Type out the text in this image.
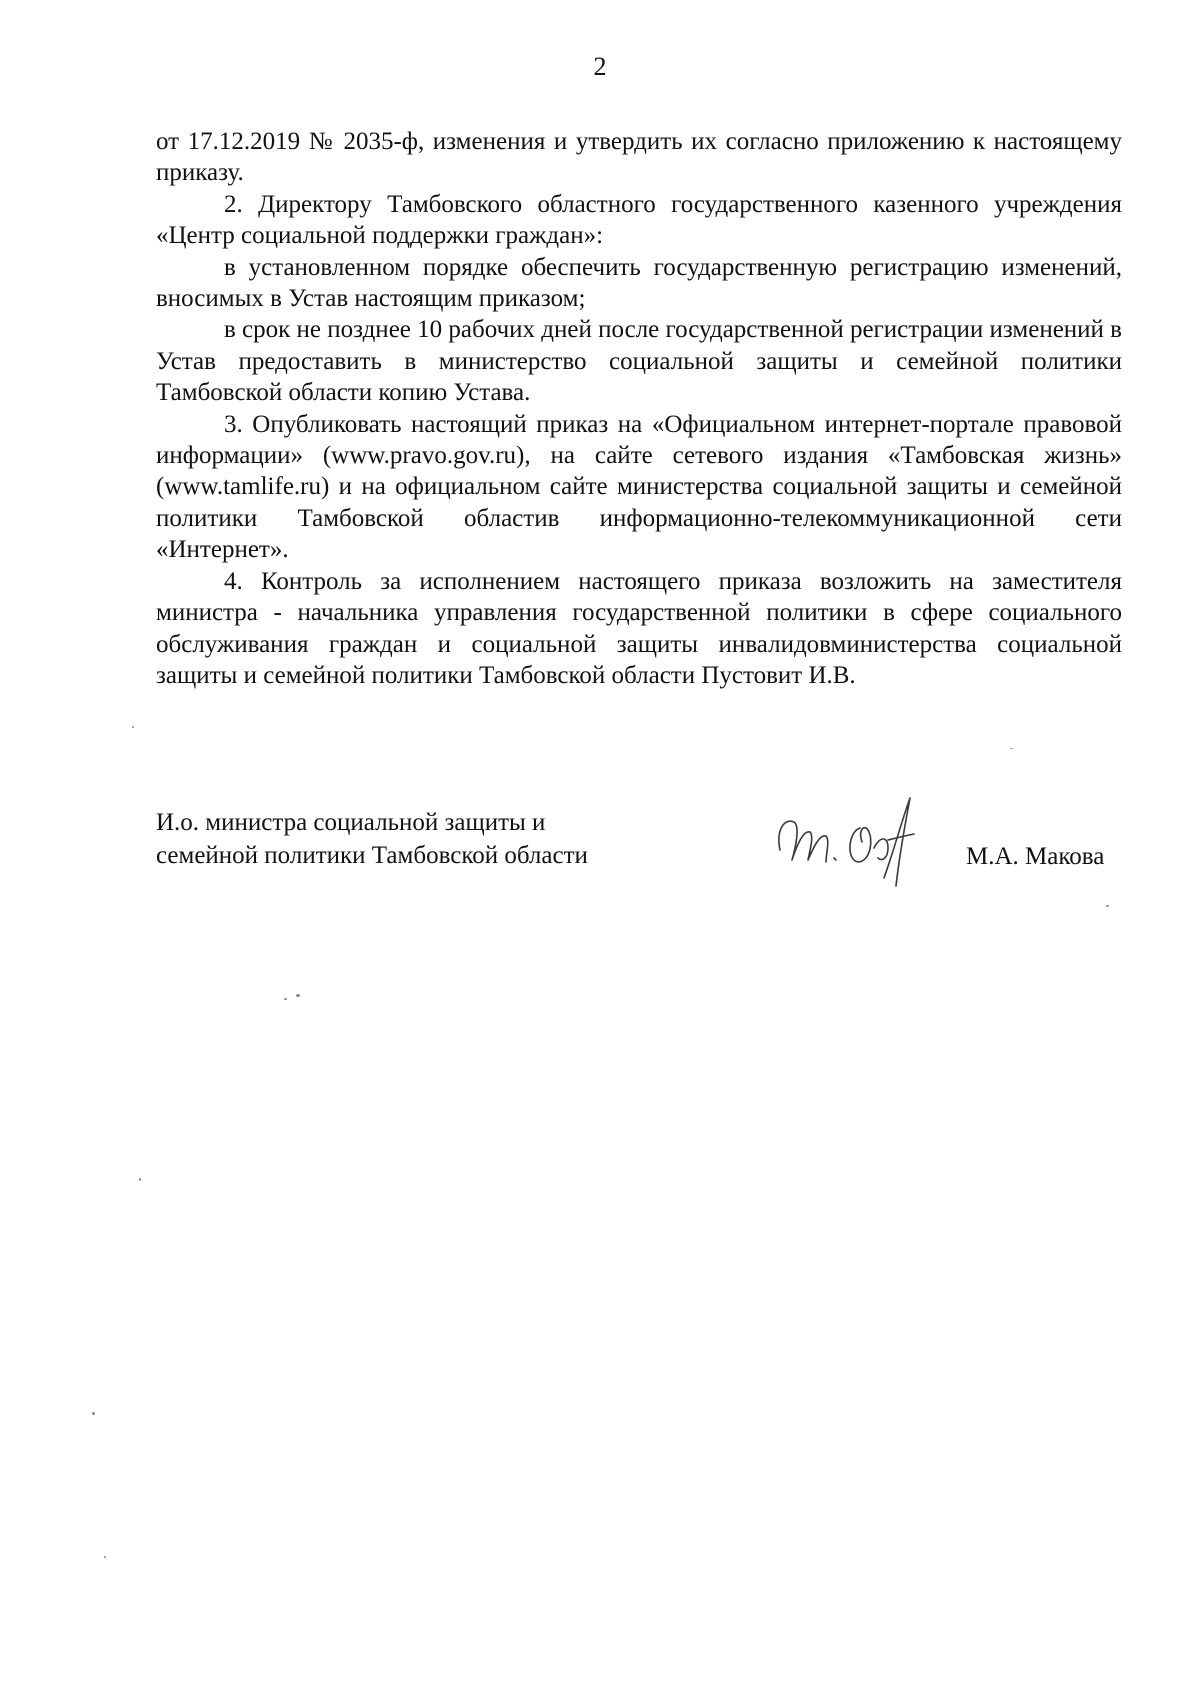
2

от 17.12.2019 № 2035-ф, изменения и утвердить их согласно приложению к настоящему приказу.

2. Директору Тамбовского областного государственного казенного учреждения «Центр социальной поддержки граждан»:

в установленном порядке обеспечить государственную регистрацию изменений, вносимых в Устав настоящим приказом;

в срок не позднее 10 рабочих дней после государственной регистрации изменений в Устав предоставить в министерство социальной защиты и семейной политики Тамбовской области копию Устава.

3. Опубликовать настоящий приказ на «Официальном интернет-портале правовой информации» (www.pravo.gov.ru), на сайте сетевого издания «Тамбовская жизнь» (www.tamlife.ru) и на официальном сайте министерства социальной защиты и семейной политики Тамбовской областив информационно-телекоммуникационной сети «Интернет».

4. Контроль за исполнением настоящего приказа возложить на заместителя министра - начальника управления государственной политики в сфере социального обслуживания граждан и социальной защиты инвалидовминистерства социальной защиты и семейной политики Тамбовской области Пустовит И.В.

И.о. министра социальной защиты и
семейной политики Тамбовской области	М.А. Макова
